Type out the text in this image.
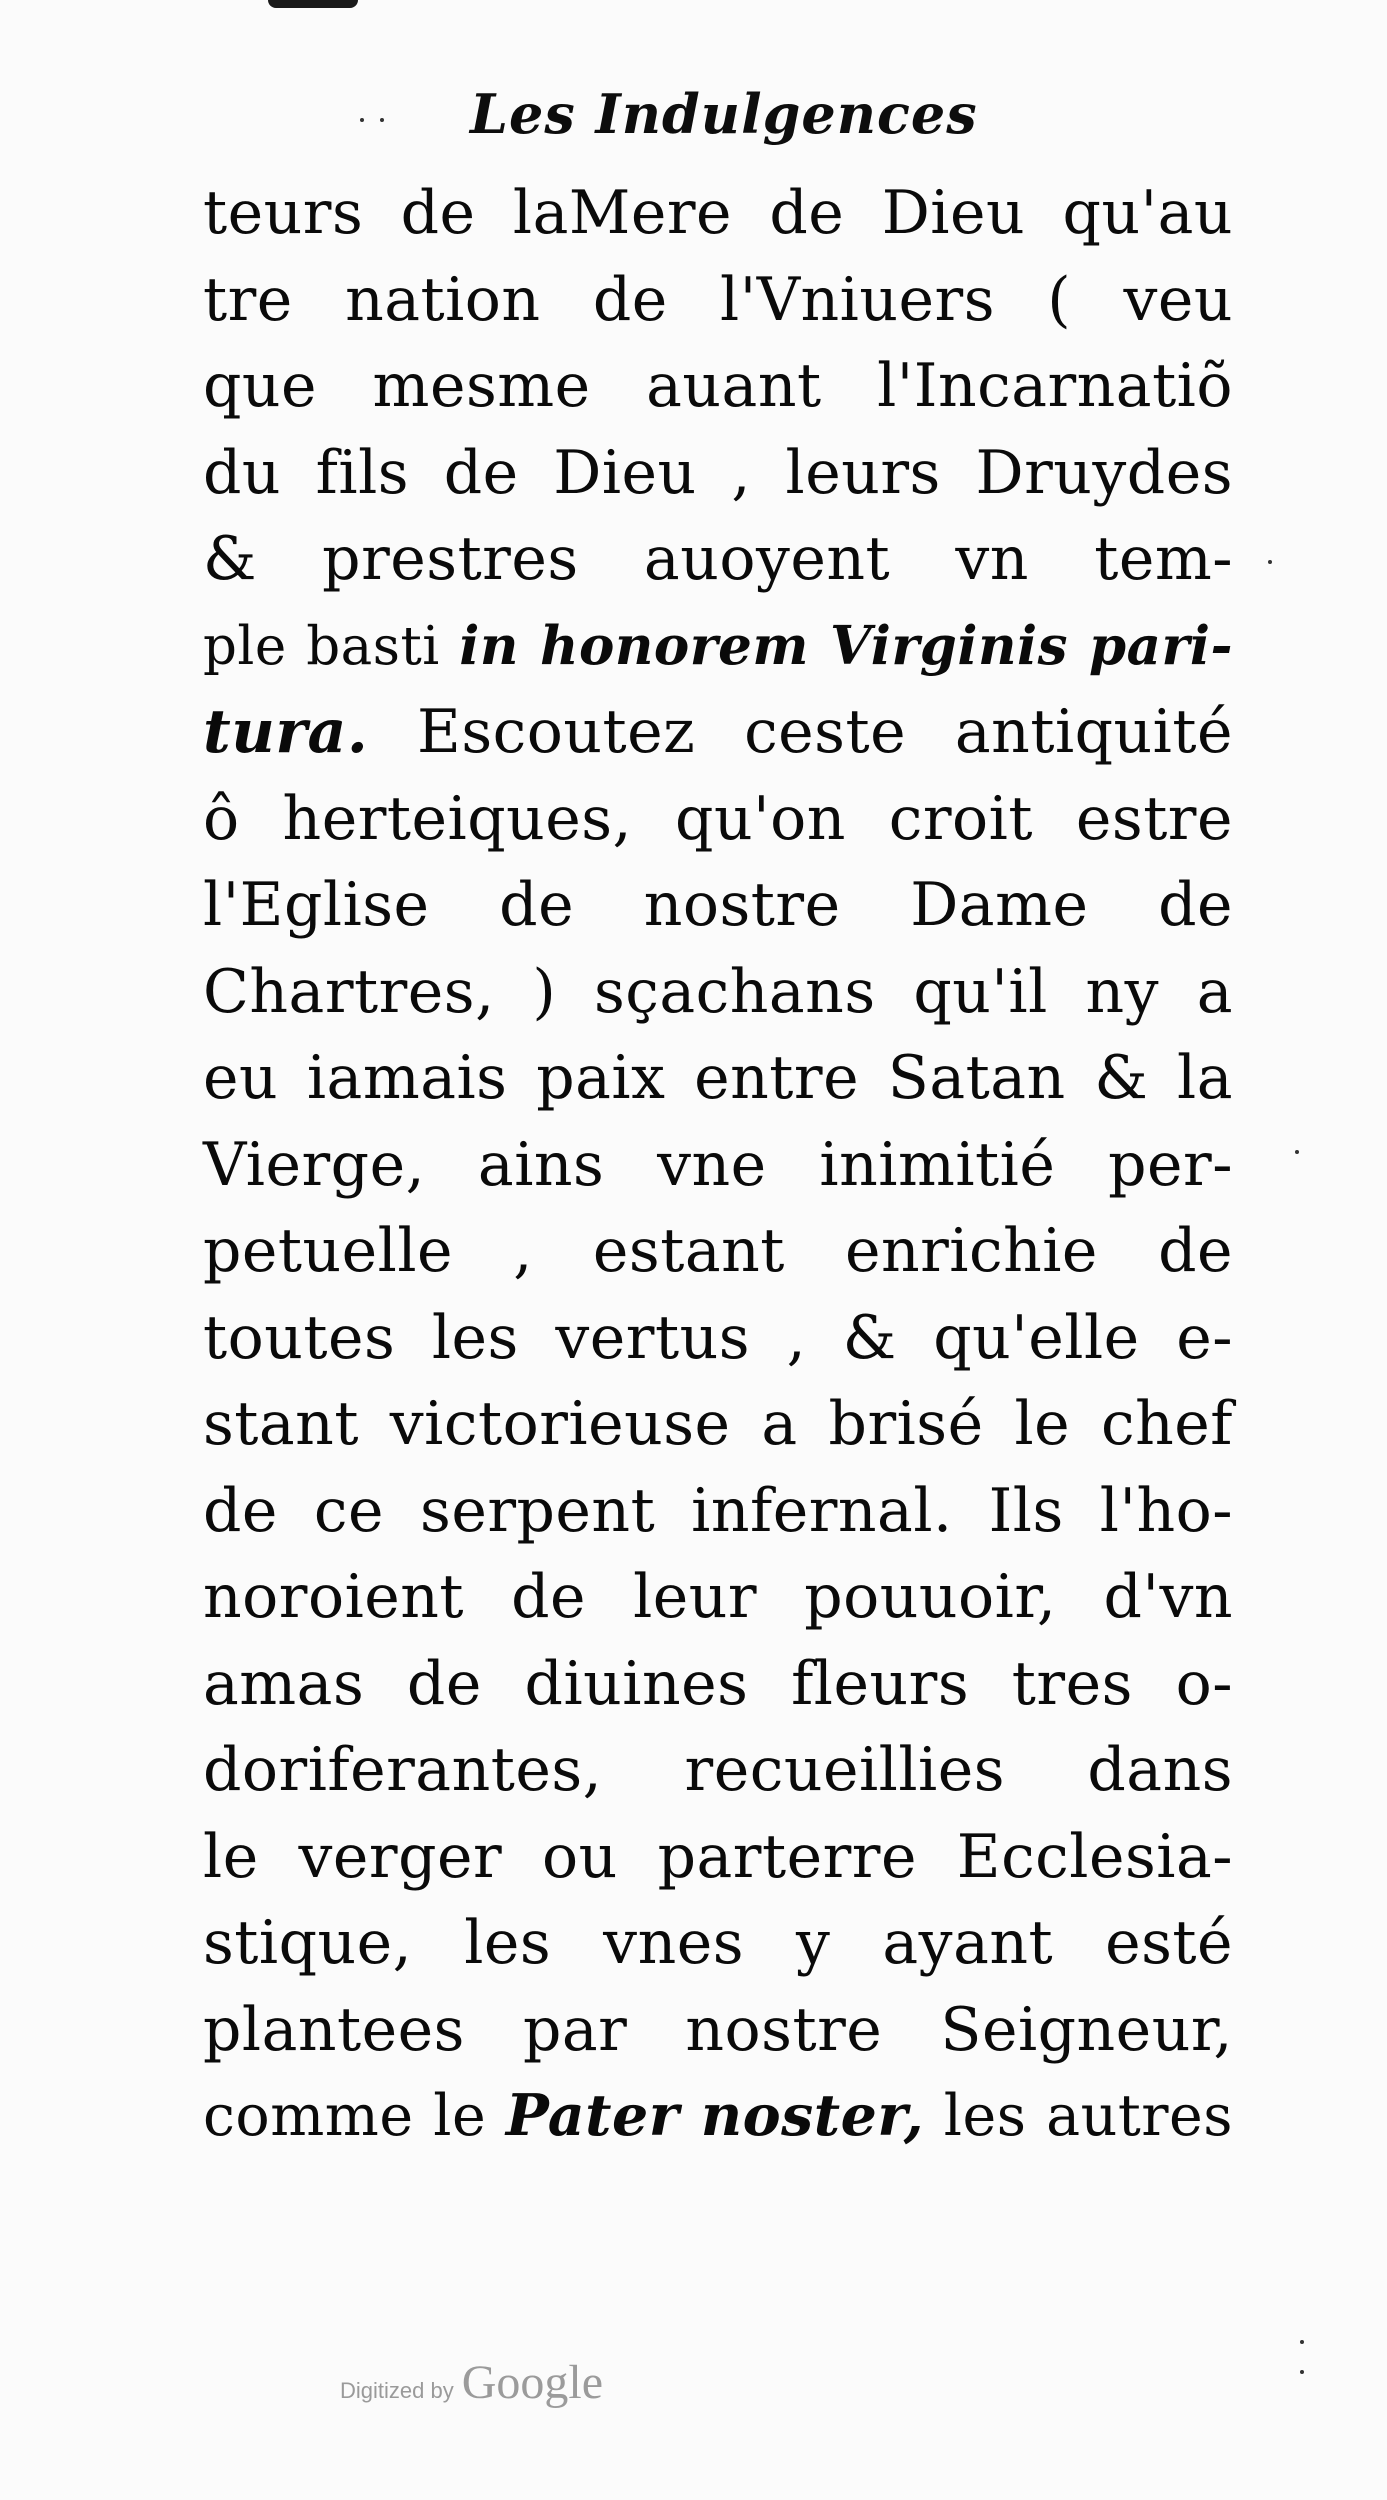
Les Indulgences
teurs de laMere de Dieu qu'au
tre nation de l'Vniuers ( veu
que mesme auant l'Incarnatiõ
du fils de Dieu , leurs Druydes
& prestres auoyent vn tem-
ple basti in honorem Virginis pari-
tura. Escoutez ceste antiquité
ô herteiques, qu'on croit estre
l'Eglise de nostre Dame de
Chartres, ) sçachans qu'il ny a
eu iamais paix entre Satan & la
Vierge, ains vne inimitié per-
petuelle , estant enrichie de
toutes les vertus , & qu'elle e-
stant victorieuse a brisé le chef
de ce serpent infernal. Ils l'ho-
noroient de leur pouuoir, d'vn
amas de diuines fleurs tres o-
doriferantes, recueillies dans
le verger ou parterre Ecclesia-
stique, les vnes y ayant esté
plantees par nostre Seigneur,
comme le Pater noster, les autres
Digitized by Google
